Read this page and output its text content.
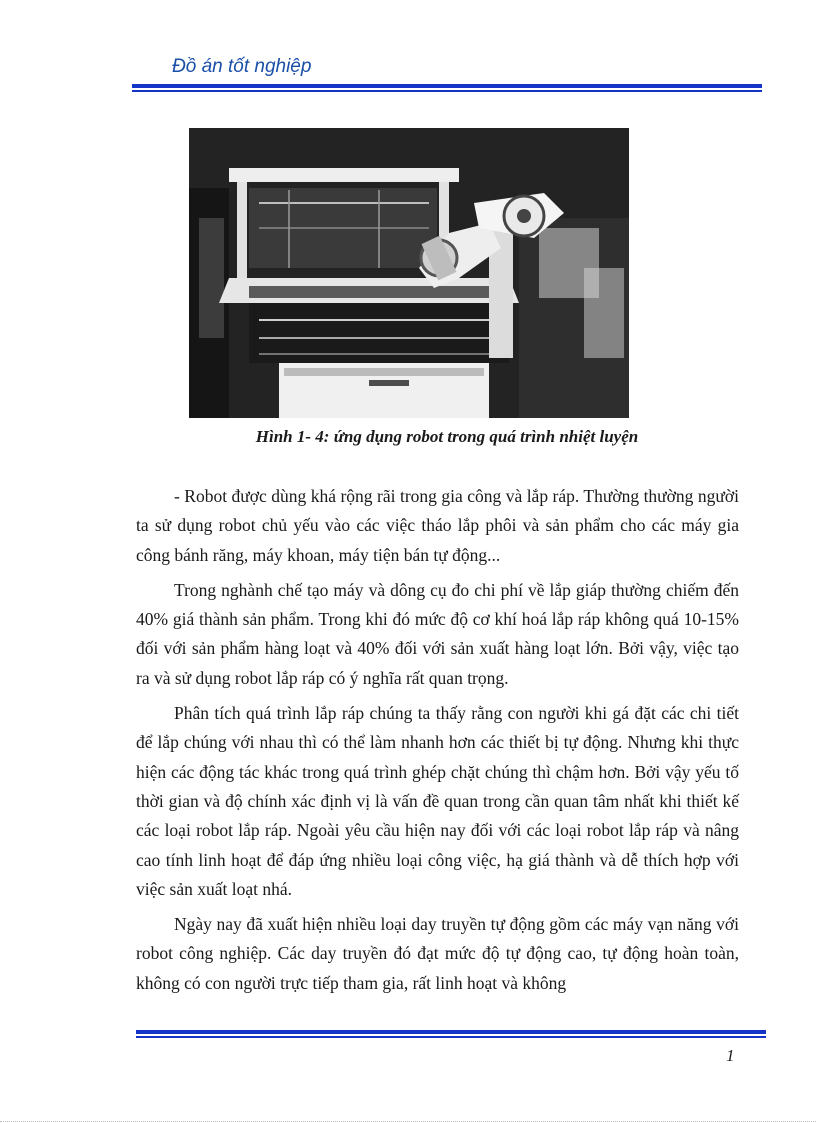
Đồ án tốt nghiệp
Hình 1- 4: ứng dụng robot trong quá trình nhiệt luyện

- Robot được dùng khá rộng rãi trong gia công và lắp ráp. Thường thường người ta sử dụng robot chủ yếu vào các việc tháo lắp phôi và sản phẩm cho các máy gia công bánh răng, máy khoan, máy tiện bán tự động...

Trong nghành chế tạo máy và dông cụ đo chi phí về lắp giáp thường chiếm đến 40% giá thành sản phẩm. Trong khi đó mức độ cơ khí hoá lắp ráp không quá 10-15% đối với sản phẩm hàng loạt và 40% đối với sản xuất hàng loạt lớn. Bởi vậy, việc tạo ra và sử dụng robot lắp ráp có ý nghĩa rất quan trọng.

Phân tích quá trình lắp ráp chúng ta thấy rằng con người khi gá đặt các chi tiết để lắp chúng với nhau thì có thể làm nhanh hơn các thiết bị tự động. Nhưng khi thực hiện các động tác khác trong quá trình ghép chặt chúng thì chậm hơn. Bởi vậy yếu tố thời gian và độ chính xác định vị là vấn đề quan trong cần quan tâm nhất khi thiết kế các loại robot lắp ráp. Ngoài yêu cầu hiện nay đối với các loại robot lắp ráp và nâng cao tính linh hoạt để đáp ứng nhiều loại công việc, hạ giá thành và dễ thích hợp với việc sản xuất loạt nhá.

Ngày nay đã xuất hiện nhiều loại day truyền tự động gồm các máy vạn năng với robot công nghiệp. Các day truyền đó đạt mức độ tự động cao, tự động hoàn toàn, không có con người trực tiếp tham gia, rất linh hoạt và không

1
